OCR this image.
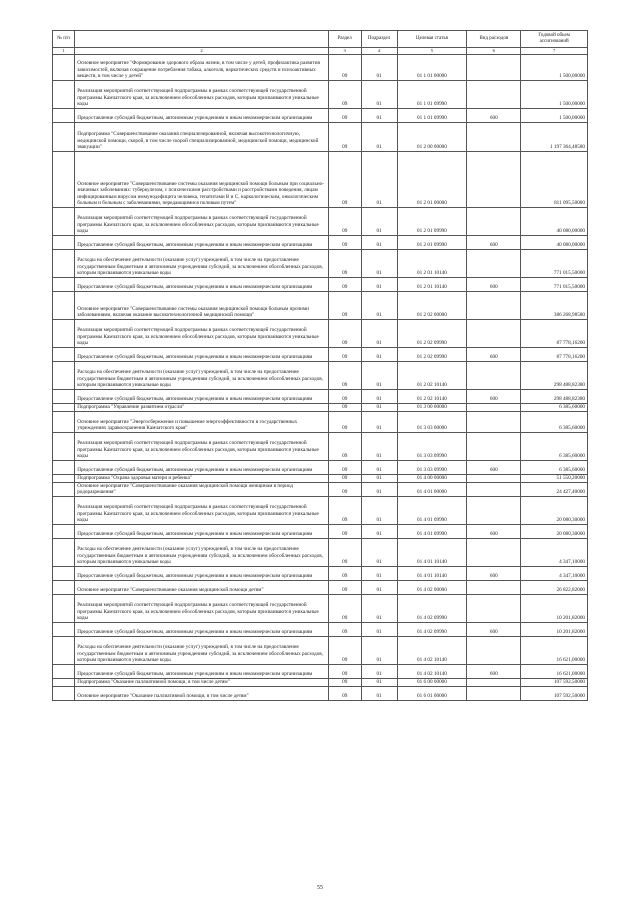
№ п/п		Раздел	Подраздел	Целевая статья	Вид расходов	Годовой объем ассигнований
1	2	3	4	5	6	7
	Основное мероприятие "Формирование здорового образа жизни, в том числе у детей, профилактика развития зависимостей, включая сокращение потребления табака, алкоголя, наркотических средств и психоактивных веществ, в том числе у детей"	09	01	01 1 01 00000		1 500,00000
	Реализация мероприятий соответствующей подпрограммы в рамках соответствующей государственной программы Камчатского края, за исключением обособленных расходов, которым присваиваются уникальные коды	09	01	01 1 01 09990		1 500,00000
	Предоставление субсидий бюджетным, автономным учреждениям и иным некоммерческим организациям	09	01	01 1 01 09990	600	1 500,00000
	Подпрограмма "Совершенствование оказания специализированной, включая высокотехнологичную, медицинской помощи, скорой, в том числе скорой специализированной, медицинской помощи, медицинской эвакуации"	09	01	01 2 00 00000		1 197 364,48580
	Основное мероприятие "Совершенствование системы оказания медицинской помощи больным при социально-значимых заболеваниях: туберкулезом, с психическими расстройствами и расстройствами поведения, лицам инфицированным вирусом иммунодефицита человека, гепатитами В и С, наркологическим, онкологическим больным и больным с заболеваниями, передающимися половым путем"	09	01	01 2 01 00000		811 095,50000
	Реализация мероприятий соответствующей подпрограммы в рамках соответствующей государственной программы Камчатского края, за исключением обособленных расходов, которым присваиваются уникальные коды	09	01	01 2 01 09990		40 080,00000
	Предоставление субсидий бюджетным, автономным учреждениям и иным некоммерческим организациям	09	01	01 2 01 09990	600	40 080,00000
	Расходы на обеспечение деятельности (оказание услуг) учреждений, в том числе на предоставление государственным бюджетным и автономным учреждениям субсидий, за исключением обособленных расходов, которым присваиваются уникальные коды	09	01	01 2 01 10140		771 015,50000
	Предоставление субсидий бюджетным, автономным учреждениям и иным некоммерческим организациям	09	01	01 2 01 10140	600	771 015,50000
	Основное мероприятие "Совершенствование системы оказания медицинской помощи больным прочими заболеваниями, включая оказание высокотехнологичной медицинской помощи"	09	01	01 2 02 00000		386 268,98580
	Реализация мероприятий соответствующей подпрограммы в рамках соответствующей государственной программы Камчатского края, за исключением обособленных расходов, которым присваиваются уникальные коды	09	01	01 2 02 09990		87 778,16200
	Предоставление субсидий бюджетным, автономным учреждениям и иным некоммерческим организациям	09	01	01 2 02 09990	600	87 778,16200
	Расходы на обеспечение деятельности (оказание услуг) учреждений, в том числе на предоставление государственным бюджетным и автономным учреждениям субсидий, за исключением обособленных расходов, которым присваиваются уникальные коды	09	01	01 2 02 10140		298 488,82380
	Предоставление субсидий бюджетным, автономным учреждениям и иным некоммерческим организациям	09	01	01 2 02 10140	600	298 488,82380
	Подпрограмма "Управление развитием отрасли"	09	01	01 3 00 00000		6 385,60000
	Основное мероприятие "Энергосбережение и повышение энергоэффективности в государственных учреждениях здравоохранения Камчатского края"	09	01	01 3 03 00000		6 385,60000
	Реализация мероприятий соответствующей подпрограммы в рамках соответствующей государственной программы Камчатского края, за исключением обособленных расходов, которым присваиваются уникальные коды	09	01	01 3 03 09990		6 385,60000
	Предоставление субсидий бюджетным, автономным учреждениям и иным некоммерческим организациям	09	01	01 3 03 09990	600	6 385,60000
	Подпрограмма "Охрана здоровья матери и ребенка"	09	01	01 4 00 00000		51 550,20000
	Основное мероприятие "Совершенствование оказания медицинской помощи женщинам в период родоразрешения"	09	01	01 4 01 00000		24 427,40000
	Реализация мероприятий соответствующей подпрограммы в рамках соответствующей государственной программы Камчатского края, за исключением обособленных расходов, которым присваиваются уникальные коды	09	01	01 4 01 09990		20 080,30000
	Предоставление субсидий бюджетным, автономным учреждениям и иным некоммерческим организациям	09	01	01 4 01 09990	600	20 080,30000
	Расходы на обеспечение деятельности (оказание услуг) учреждений, в том числе на предоставление государственным бюджетным и автономным учреждениям субсидий, за исключением обособленных расходов, которым присваиваются уникальные коды	09	01	01 4 01 10140		4 347,10000
	Предоставление субсидий бюджетным, автономным учреждениям и иным некоммерческим организациям	09	01	01 4 01 10140	600	4 347,10000
	Основное мероприятие "Совершенствование оказания медицинской помощи детям"	09	01	01 4 02 00000		26 822,82000
	Реализация мероприятий соответствующей подпрограммы в рамках соответствующей государственной программы Камчатского края, за исключением обособленных расходов, которым присваиваются уникальные коды	09	01	01 4 02 09990		10 201,82000
	Предоставление субсидий бюджетным, автономным учреждениям и иным некоммерческим организациям	09	01	01 4 02 09990	600	10 201,82000
	Расходы на обеспечение деятельности (оказание услуг) учреждений, в том числе на предоставление государственным бюджетным и автономным учреждениям субсидий, за исключением обособленных расходов, которым присваиваются уникальные коды	09	01	01 4 02 10140		16 621,00000
	Предоставление субсидий бюджетным, автономным учреждениям и иным некоммерческим организациям	09	01	01 4 02 10140	600	16 621,00000
	Подпрограмма "Оказание паллиативной помощи, в том числе детям"	09	01	01 6 00 00000		107 592,50000
	Основное мероприятие "Оказание паллиативной помощи, в том числе детям"	09	01	01 6 01 00000		107 592,50000
55
